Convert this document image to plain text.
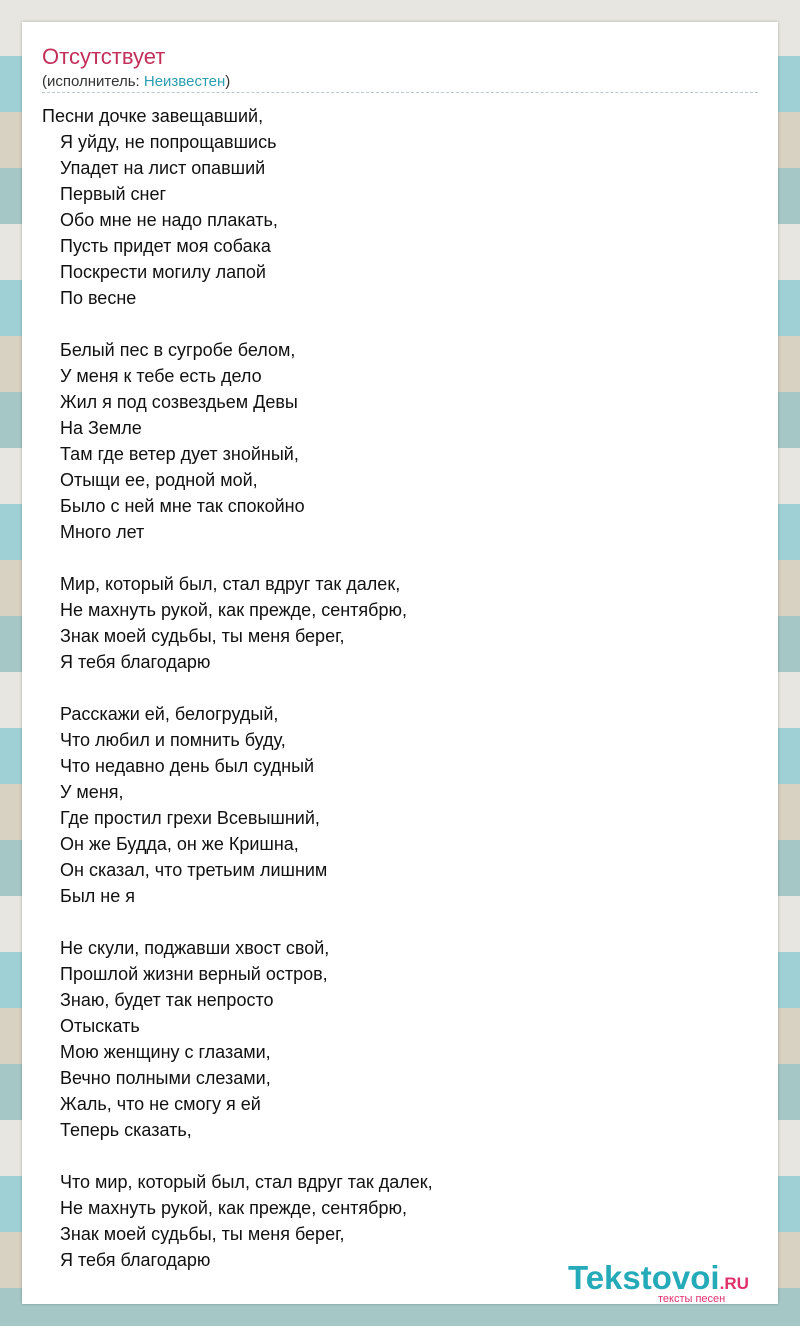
Отсутствует
(исполнитель: Неизвестен)
Песни дочке завещавший,
Я уйду, не попрощавшись
Упадет на лист опавший
Первый снег
Обо мне не надо плакать,
Пусть придет моя собака
Поскрести могилу лапой
По весне
Белый пес в сугробе белом,
У меня к тебе есть дело
Жил я под созвездьем Девы
На Земле
Там где ветер дует знойный,
Отыщи ее, родной мой,
Было с ней мне так спокойно
Много лет
Мир, который был, стал вдруг так далек,
Не махнуть рукой, как прежде, сентябрю,
Знак моей судьбы, ты меня берег,
Я тебя благодарю
Расскажи ей, белогрудый,
Что любил и помнить буду,
Что недавно день был судный
У меня,
Где простил грехи Всевышний,
Он же Будда, он же Кришна,
Он сказал, что третьим лишним
Был не я
Не скули, поджавши хвост свой,
Прошлой жизни верный остров,
Знаю, будет так непросто
Отыскать
Мою женщину с глазами,
Вечно полными слезами,
Жаль, что не смогу я ей
Теперь сказать,
Что мир, который был, стал вдруг так далек,
Не махнуть рукой, как прежде, сентябрю,
Знак моей судьбы, ты меня берег,
Я тебя благодарю	Tekstovoi.RU
тексты песен
